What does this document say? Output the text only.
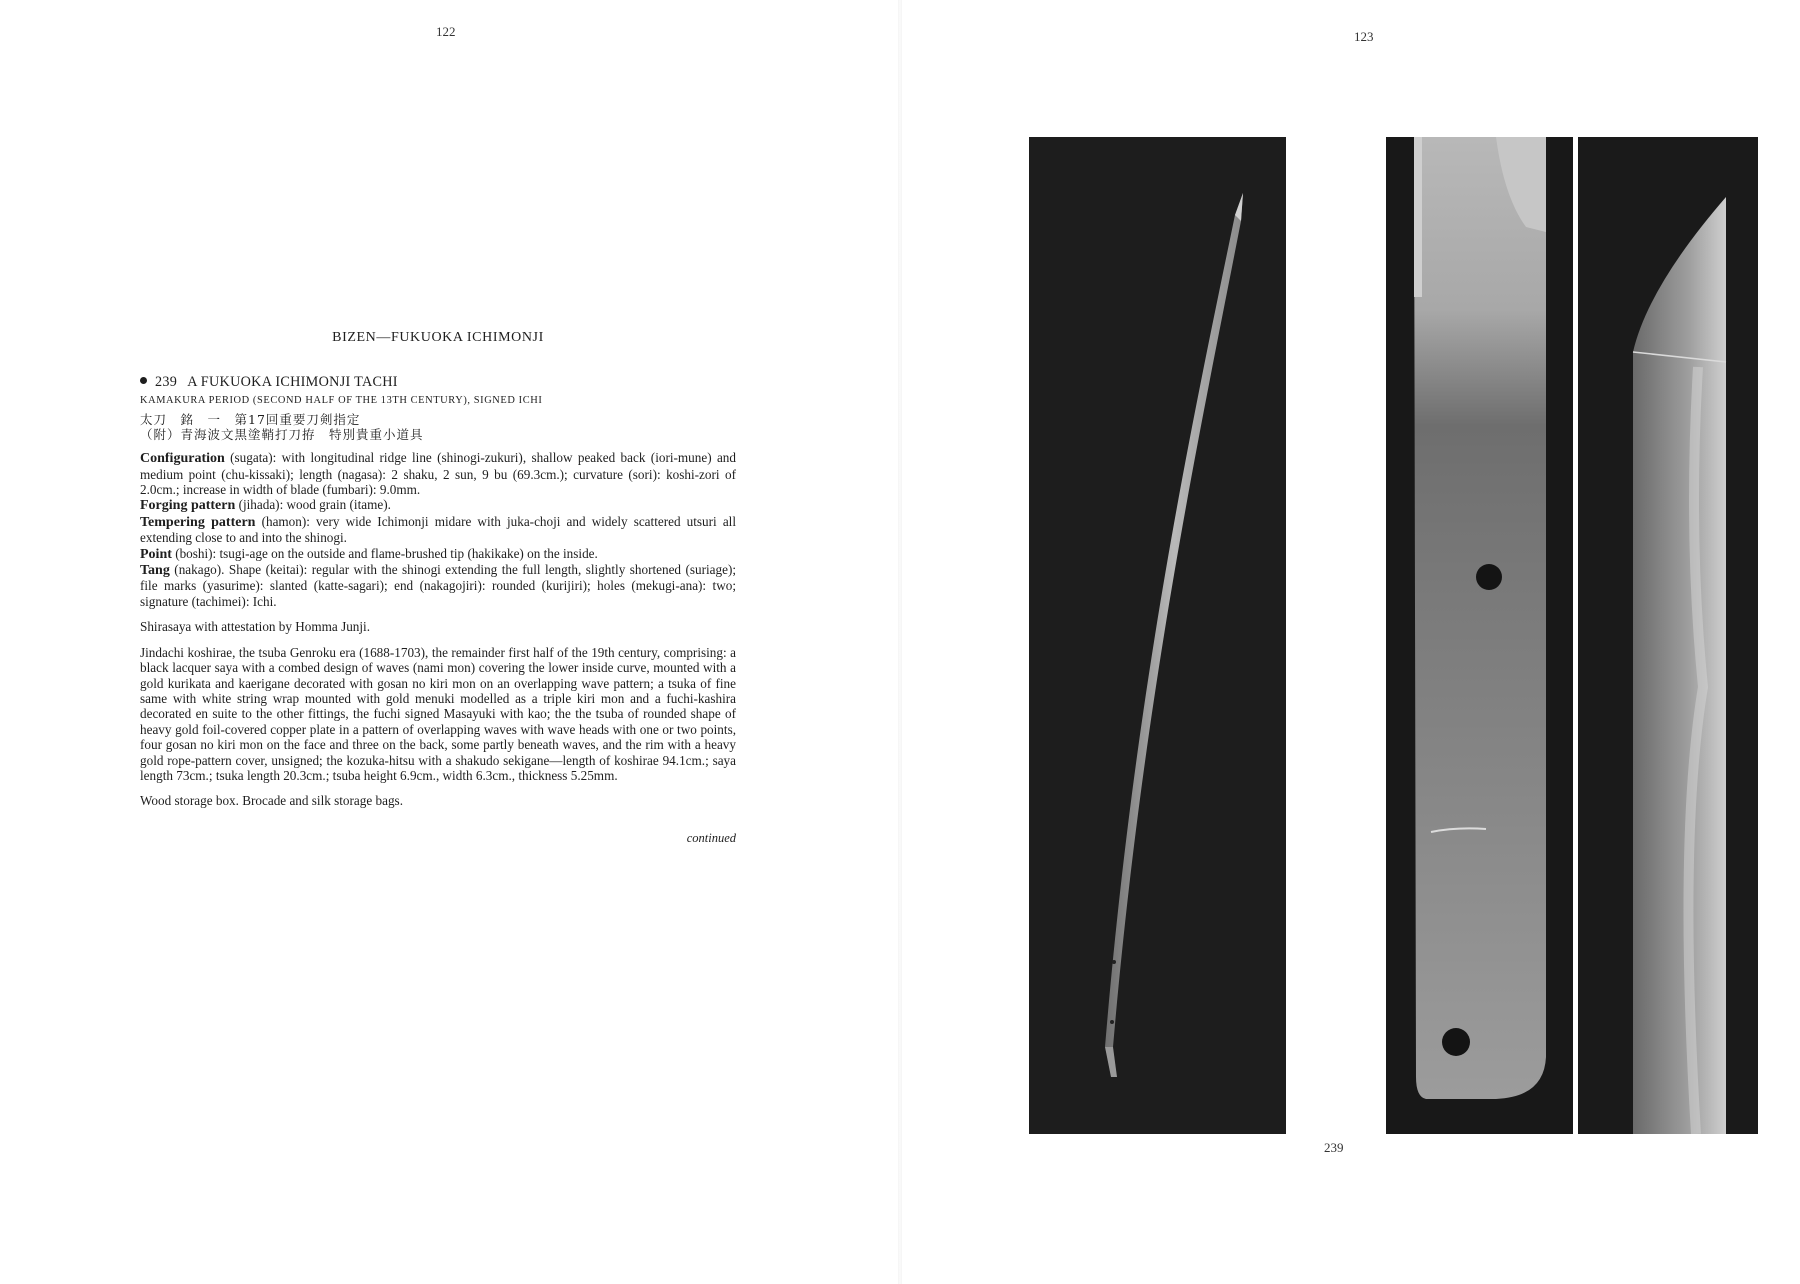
122	123
BIZEN—FUKUOKA ICHIMONJI
239 A FUKUOKA ICHIMONJI TACHI
KAMAKURA PERIOD (SECOND HALF OF THE 13TH CENTURY), SIGNED ICHI
太刀　銘　一　第17回重要刀剣指定
（附）青海波文黒塗鞘打刀拵　特別貴重小道具

Configuration (sugata): with longitudinal ridge line (shinogi-zukuri), shallow peaked back (iori-mune) and medium point (chu-kissaki); length (nagasa): 2 shaku, 2 sun, 9 bu (69.3cm.); curvature (sori): koshi-zori of 2.0cm.; increase in width of blade (fumbari): 9.0mm.

Forging pattern (jihada): wood grain (itame).

Tempering pattern (hamon): very wide Ichimonji midare with juka-choji and widely scattered utsuri all extending close to and into the shinogi.

Point (boshi): tsugi-age on the outside and flame-brushed tip (hakikake) on the inside.

Tang (nakago). Shape (keitai): regular with the shinogi extending the full length, slightly shortened (suriage); file marks (yasurime): slanted (katte-sagari); end (nakagojiri): rounded (kurijiri); holes (mekugi-ana): two; signature (tachimei): Ichi.

Shirasaya with attestation by Homma Junji.

Jindachi koshirae, the tsuba Genroku era (1688-1703), the remainder first half of the 19th century, comprising: a black lacquer saya with a combed design of waves (nami mon) covering the lower inside curve, mounted with a gold kurikata and kaerigane decorated with gosan no kiri mon on an overlapping wave pattern; a tsuka of fine same with white string wrap mounted with gold menuki modelled as a triple kiri mon and a fuchi-kashira decorated en suite to the other fittings, the fuchi signed Masayuki with kao; the the tsuba of rounded shape of heavy gold foil-covered copper plate in a pattern of overlapping waves with wave heads with one or two points, four gosan no kiri mon on the face and three on the back, some partly beneath waves, and the rim with a heavy gold rope-pattern cover, unsigned; the kozuka-hitsu with a shakudo sekigane—length of koshirae 94.1cm.; saya length 73cm.; tsuka length 20.3cm.; tsuba height 6.9cm., width 6.3cm., thickness 5.25mm.

Wood storage box. Brocade and silk storage bags.

continued
239
